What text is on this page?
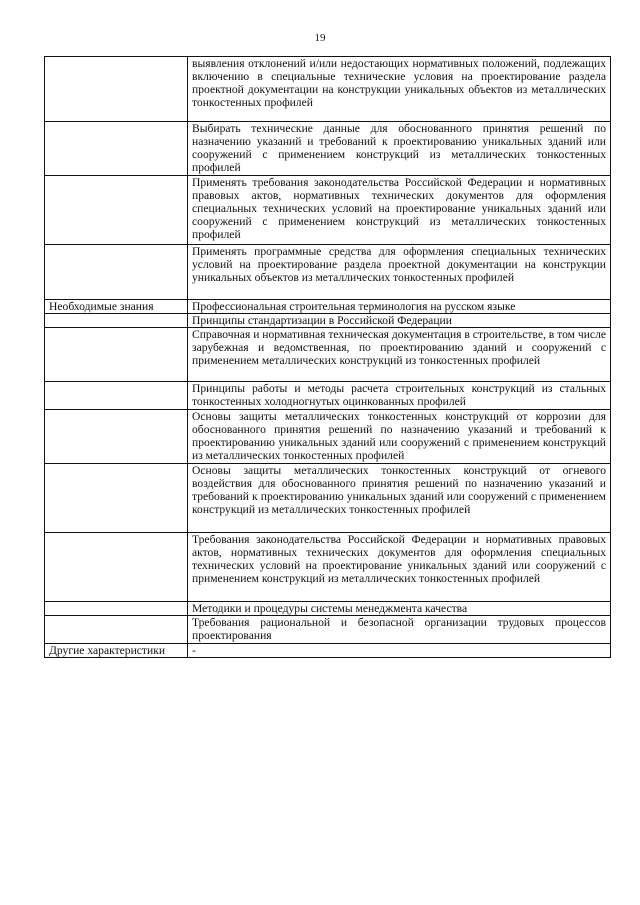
19

	выявления отклонений и/или недостающих нормативных положений, подлежащих включению в специальные технические условия на проектирование раздела проектной документации на конструкции уникальных объектов из металлических тонкостенных профилей

	Выбирать технические данные для обоснованного принятия решений по назначению указаний и требований к проектированию уникальных зданий или сооружений с применением конструкций из металлических тонкостенных профилей

	Применять требования законодательства Российской Федерации и нормативных правовых актов, нормативных технических документов для оформления специальных технических условий на проектирование уникальных зданий или сооружений с применением конструкций из металлических тонкостенных профилей

	Применять программные средства для оформления специальных технических условий на проектирование раздела проектной документации на конструкции уникальных объектов из металлических тонкостенных профилей

Необходимые знания	Профессиональная строительная терминология на русском языке

	Принципы стандартизации в Российской Федерации

	Справочная и нормативная техническая документация в строительстве, в том числе зарубежная и ведомственная, по проектированию зданий и сооружений с применением металлических конструкций из тонкостенных профилей

	Принципы работы и методы расчета строительных конструкций из стальных тонкостенных холодногнутых оцинкованных профилей

	Основы защиты металлических тонкостенных конструкций от коррозии для обоснованного принятия решений по назначению указаний и требований к проектированию уникальных зданий или сооружений с применением конструкций из металлических тонкостенных профилей

	Основы защиты металлических тонкостенных конструкций от огневого воздействия для обоснованного принятия решений по назначению указаний и требований к проектированию уникальных зданий или сооружений с применением конструкций из металлических тонкостенных профилей

	Требования законодательства Российской Федерации и нормативных правовых актов, нормативных технических документов для оформления специальных технических условий на проектирование уникальных зданий или сооружений с применением конструкций из металлических тонкостенных профилей

	Методики и процедуры системы менеджмента качества

	Требования рациональной и безопасной организации трудовых процессов проектирования

Другие характеристики	-
